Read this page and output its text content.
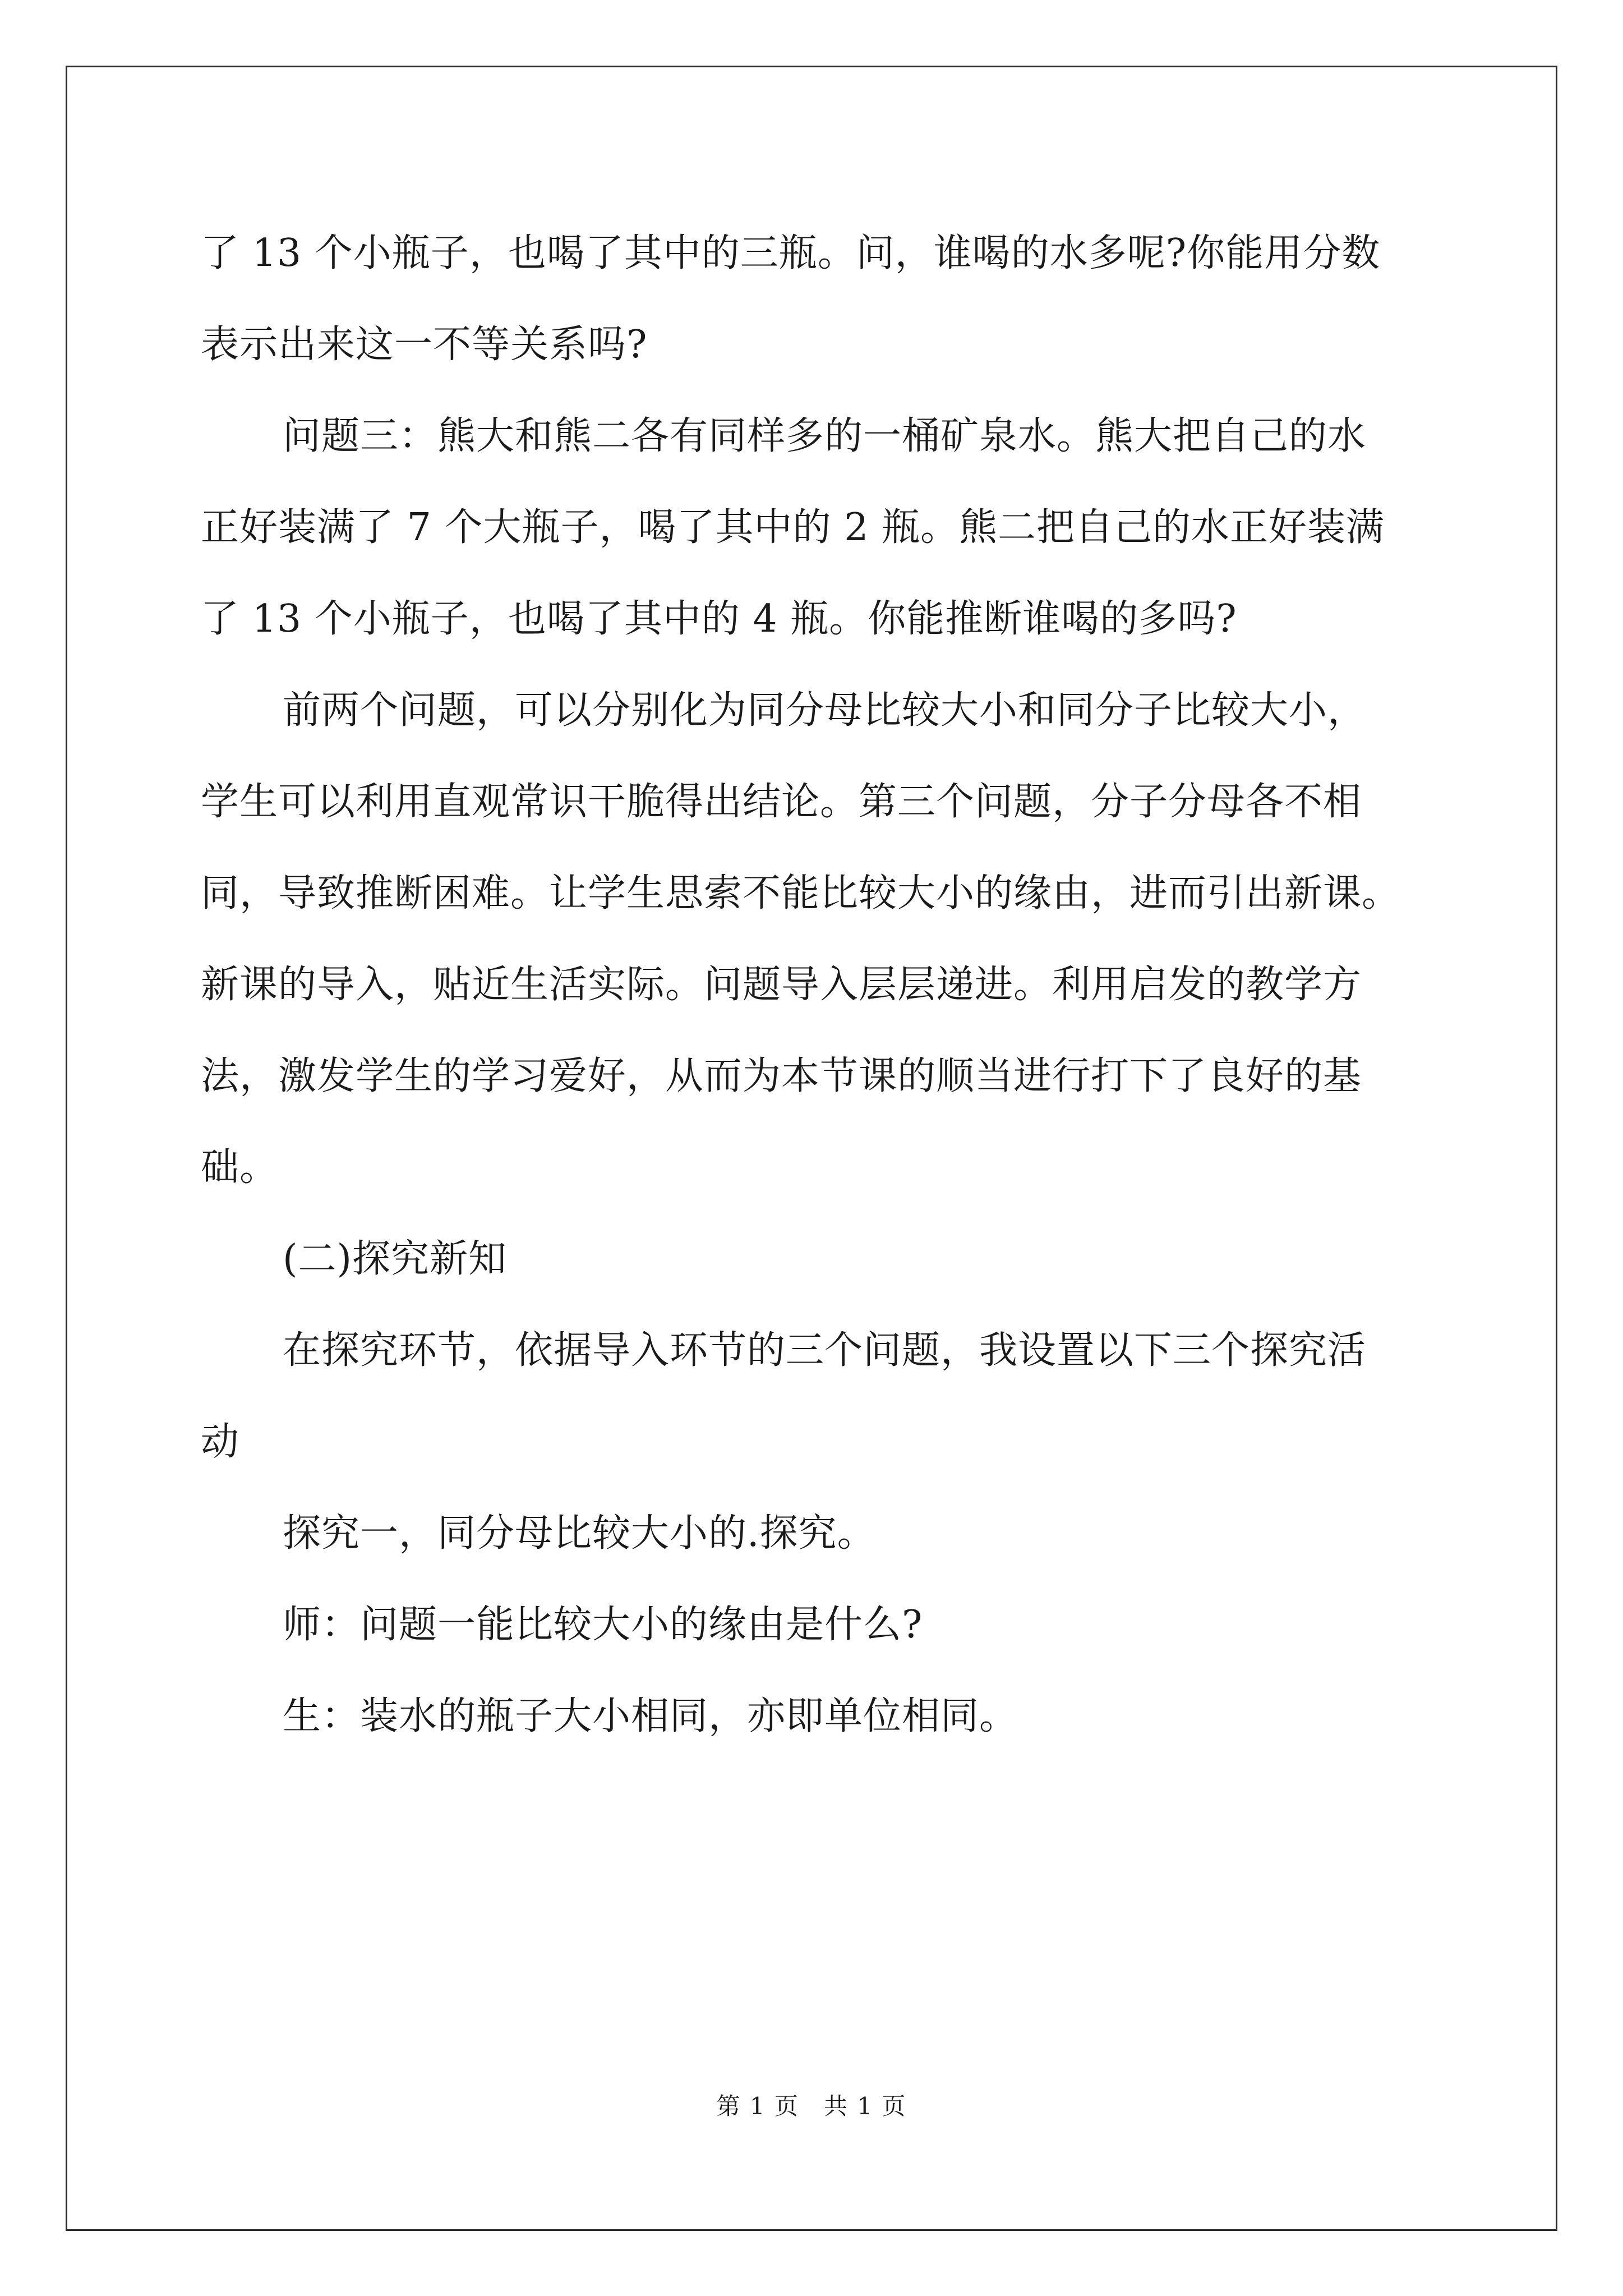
了 13 个小瓶子，也喝了其中的三瓶。问，谁喝的水多呢?你能用分数
表示出来这一不等关系吗?
问题三：熊大和熊二各有同样多的一桶矿泉水。熊大把自己的水
正好装满了 7 个大瓶子，喝了其中的 2 瓶。熊二把自己的水正好装满
了 13 个小瓶子，也喝了其中的 4 瓶。你能推断谁喝的多吗?
前两个问题，可以分别化为同分母比较大小和同分子比较大小，
学生可以利用直观常识干脆得出结论。第三个问题，分子分母各不相
同，导致推断困难。让学生思索不能比较大小的缘由，进而引出新课。
新课的导入，贴近生活实际。问题导入层层递进。利用启发的教学方
法，激发学生的学习爱好，从而为本节课的顺当进行打下了良好的基
础。
(二)探究新知
在探究环节，依据导入环节的三个问题，我设置以下三个探究活
动
探究一，同分母比较大小的.探究。
师：问题一能比较大小的缘由是什么?
生：装水的瓶子大小相同，亦即单位相同。
第 1 页　共 1 页
